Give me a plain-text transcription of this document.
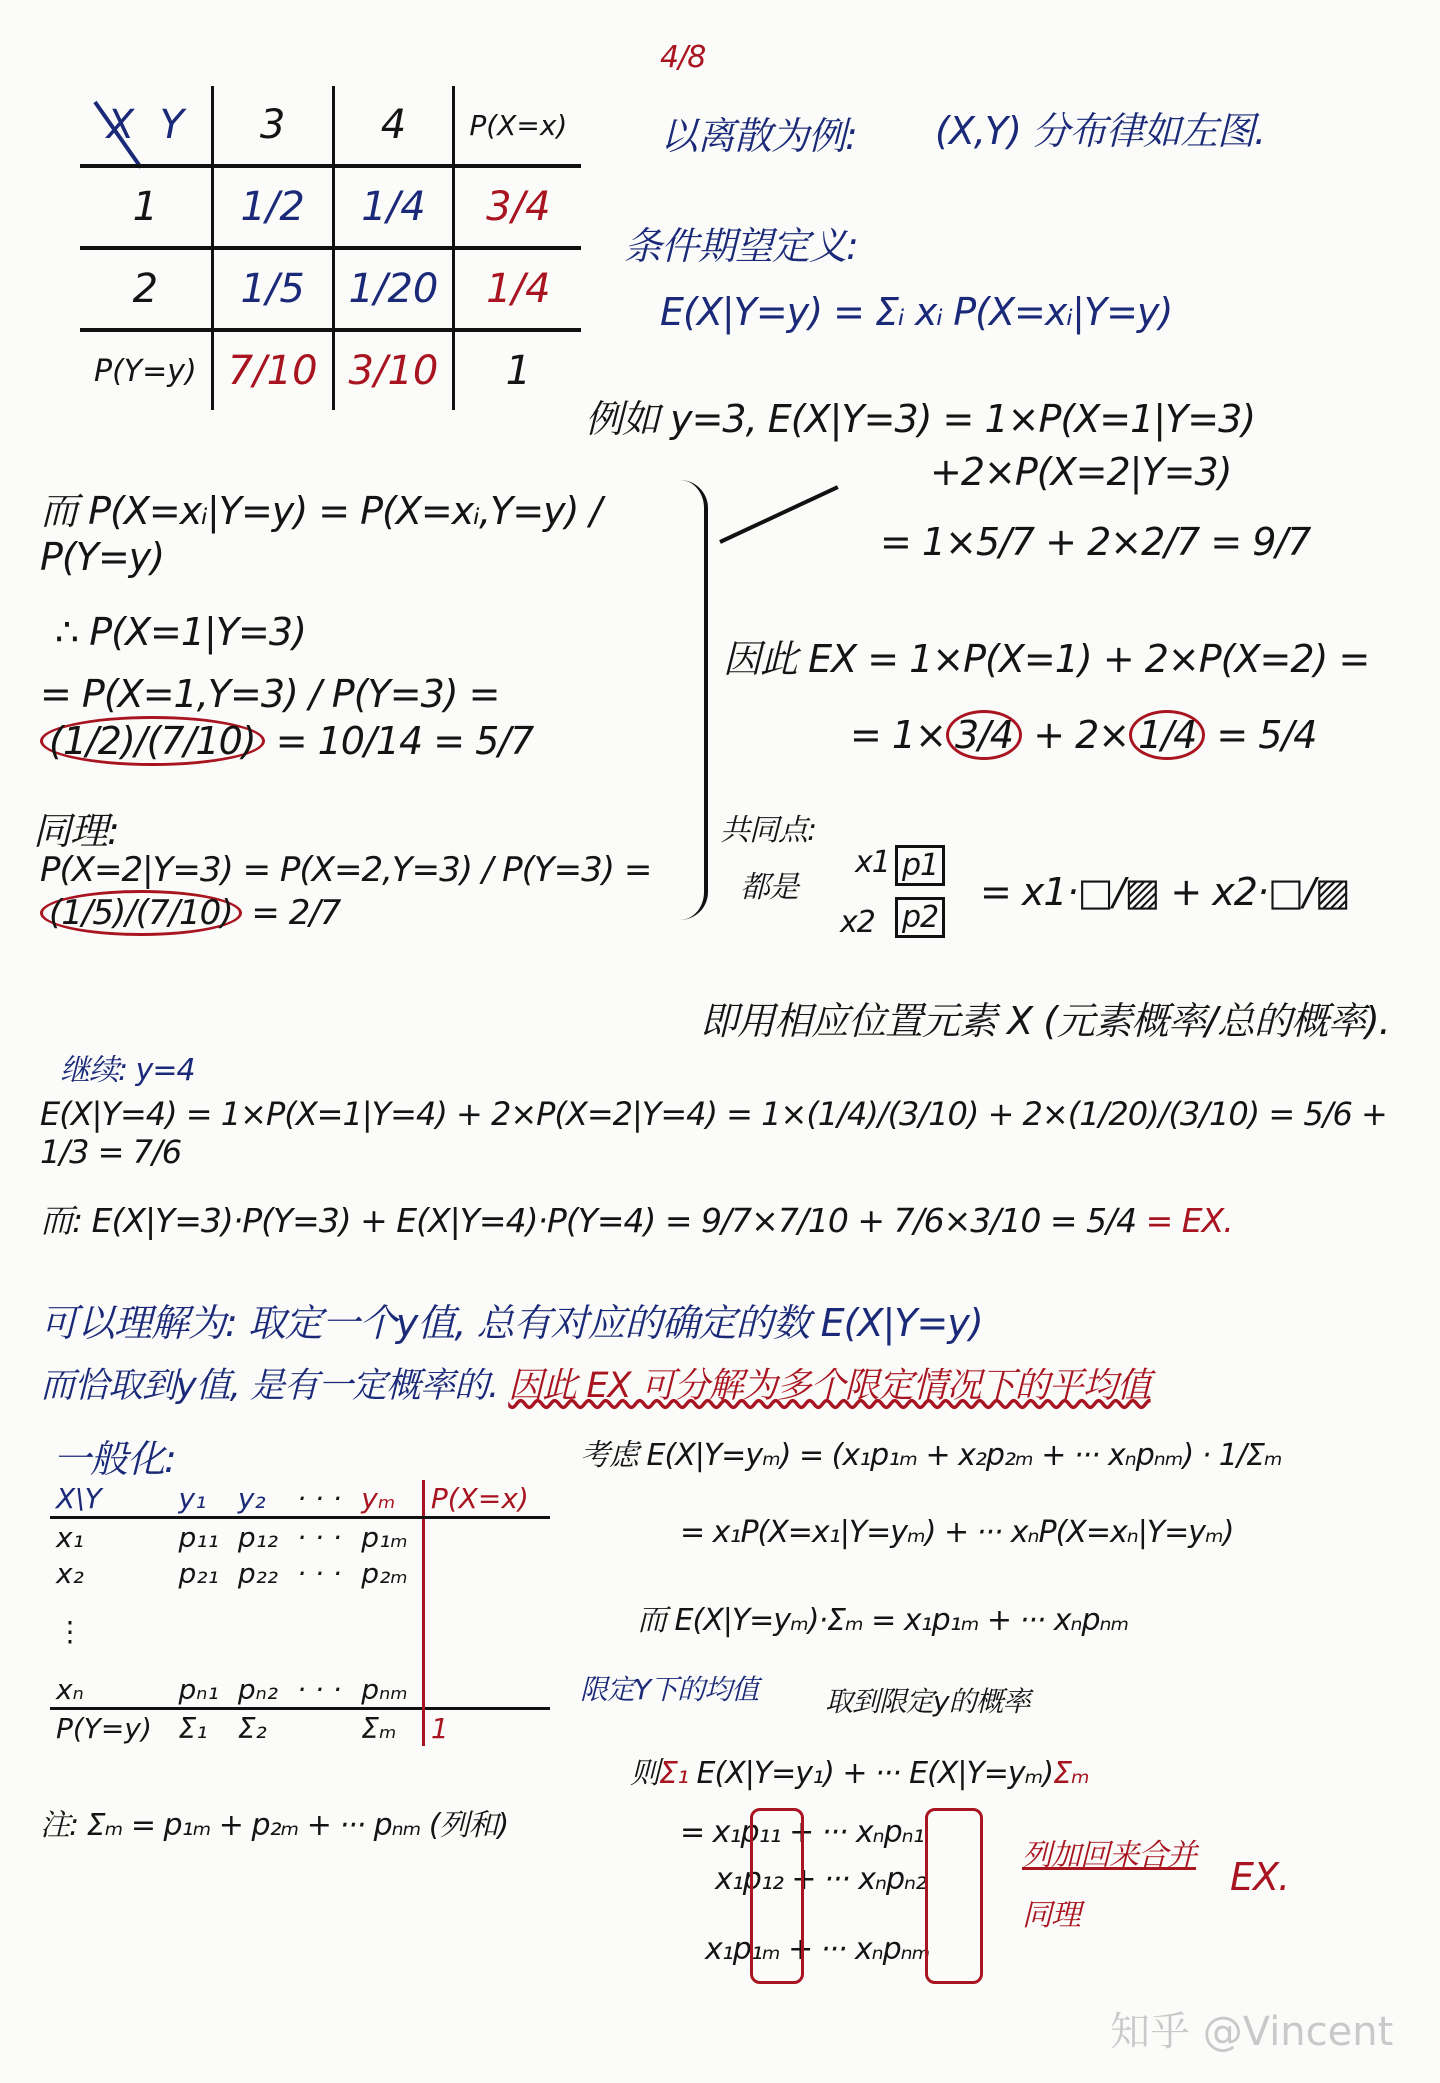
4/8
X Y	3	4	P(X=x)
1	1/2	1/4	3/4
2	1/5	1/20	1/4
P(Y=y)	7/10	3/10	1
以离散为例: (X,Y) 分布律如左图.
条件期望定义:
E(X|Y=y) = Σᵢ xᵢ P(X=xᵢ|Y=y)
例如 y=3, E(X|Y=3) = 1×P(X=1|Y=3)
+2×P(X=2|Y=3)
= 1×5/7 + 2×2/7 = 9/7
而 P(X=xᵢ|Y=y) = P(X=xᵢ,Y=y) / P(Y=y)
∴ P(X=1|Y=3)
= P(X=1,Y=3) / P(Y=3) = (1/2)/(7/10) = 10/14 = 5/7
同理:
P(X=2|Y=3) = P(X=2,Y=3) / P(Y=3) = (1/5)/(7/10) = 2/7
因此 EX = 1×P(X=1) + 2×P(X=2) =
= 1× 3/4 + 2× 1/4 = 5/4
共同点:
都是
x1 p1
x2 p2
= x1·□/▨ + x2·□/▨
即用相应位置元素 X (元素概率/总的概率).
继续: y=4
E(X|Y=4) = 1×P(X=1|Y=4) + 2×P(X=2|Y=4) = 1×(1/4)/(3/10) + 2×(1/20)/(3/10) = 5/6 + 1/3 = 7/6
而: E(X|Y=3)·P(Y=3) + E(X|Y=4)·P(Y=4) = 9/7×7/10 + 7/6×3/10 = 5/4 = EX.
可以理解为: 取定一个y值, 总有对应的确定的数 E(X|Y=y)
而恰取到y值, 是有一定概率的. 因此 EX 可分解为多个限定情况下的平均值
一般化:
X\Y	y₁	y₂	· · ·	yₘ	P(X=x)
x₁	p₁₁	p₁₂	· · ·	p₁ₘ	
x₂	p₂₁	p₂₂	· · ·	p₂ₘ	
⋮					
xₙ	pₙ₁	pₙ₂	· · ·	pₙₘ	
P(Y=y)	Σ₁	Σ₂		Σₘ	1
注: Σₘ = p₁ₘ + p₂ₘ + ··· pₙₘ (列和)
考虑 E(X|Y=yₘ) = (x₁p₁ₘ + x₂p₂ₘ + ··· xₙpₙₘ) · 1/Σₘ
= x₁P(X=x₁|Y=yₘ) + ··· xₙP(X=xₙ|Y=yₘ)
而 E(X|Y=yₘ)·Σₘ = x₁p₁ₘ + ··· xₙpₙₘ
限定Y下的均值 取到限定y的概率
则Σ₁ E(X|Y=y₁) + ··· E(X|Y=yₘ)Σₘ
= x₁p₁₁ + ··· xₙpₙ₁
x₁p₁₂ + ··· xₙpₙ₂
x₁p₁ₘ + ··· xₙpₙₘ
列加回来合并
同理
EX.
知乎 @Vincent
